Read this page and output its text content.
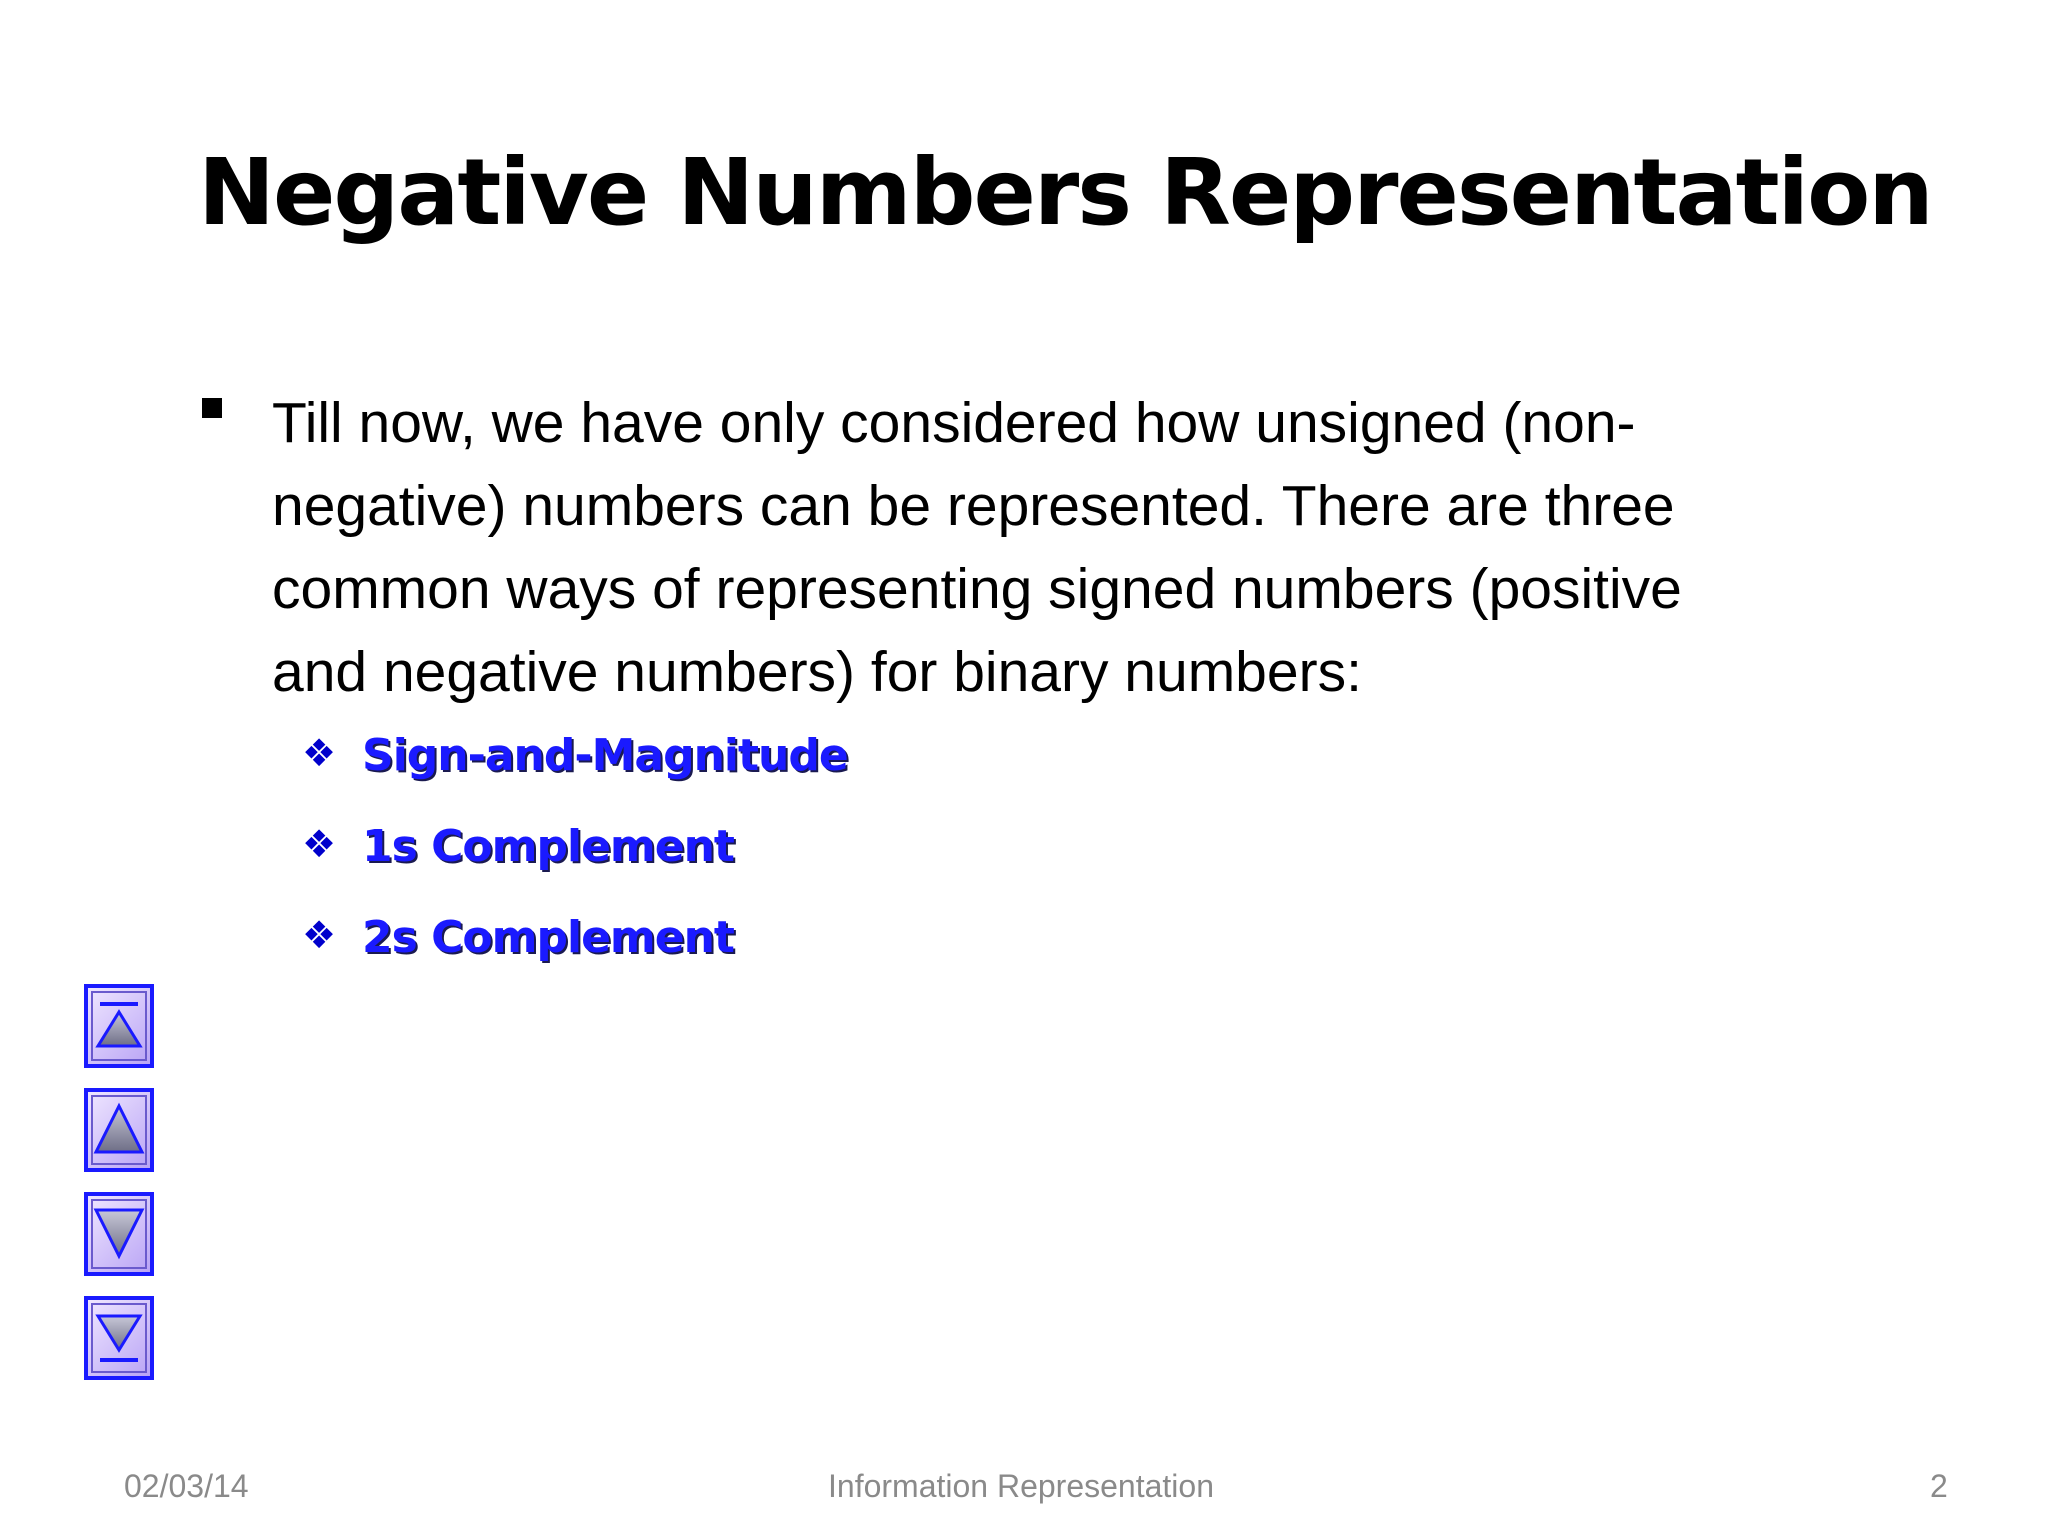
Negative Numbers Representation
Till now, we have only considered how unsigned (non-
negative) numbers can be represented. There are three
common ways of representing signed numbers (positive
and negative numbers) for binary numbers:
❖ Sign-and-Magnitude
❖ 1s Complement
❖ 2s Complement
02/03/14	Information Representation	2
